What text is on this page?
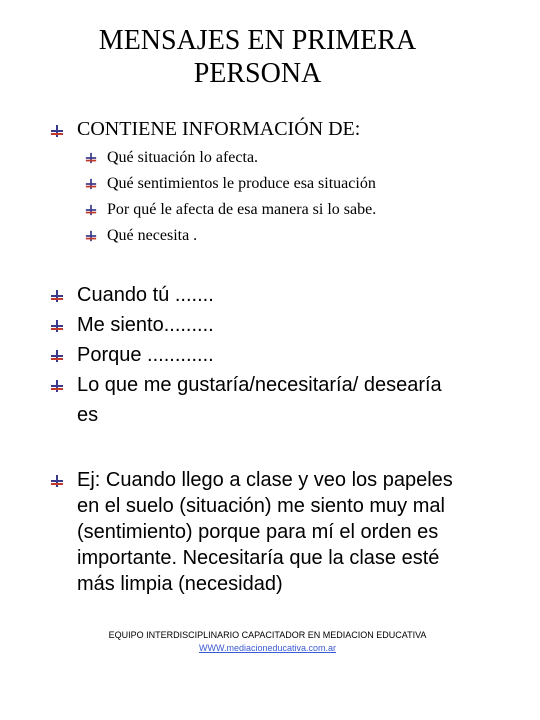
MENSAJES EN PRIMERA
PERSONA
CONTIENE INFORMACIÓN DE:
Qué situación lo afecta.
Qué sentimientos le produce esa situación
Por qué le afecta de esa manera si lo sabe.
Qué necesita .
Cuando tú .......
Me siento.........
Porque ............
Lo que me gustaría/necesitaría/ desearía
es
Ej: Cuando llego a clase y veo los papeles
en el suelo (situación) me siento muy mal
(sentimiento) porque para mí el orden es
importante. Necesitaría que la clase esté
más limpia (necesidad)
EQUIPO INTERDISCIPLINARIO CAPACITADOR EN MEDIACION EDUCATIVA
WWW.mediacioneducativa.com.ar
